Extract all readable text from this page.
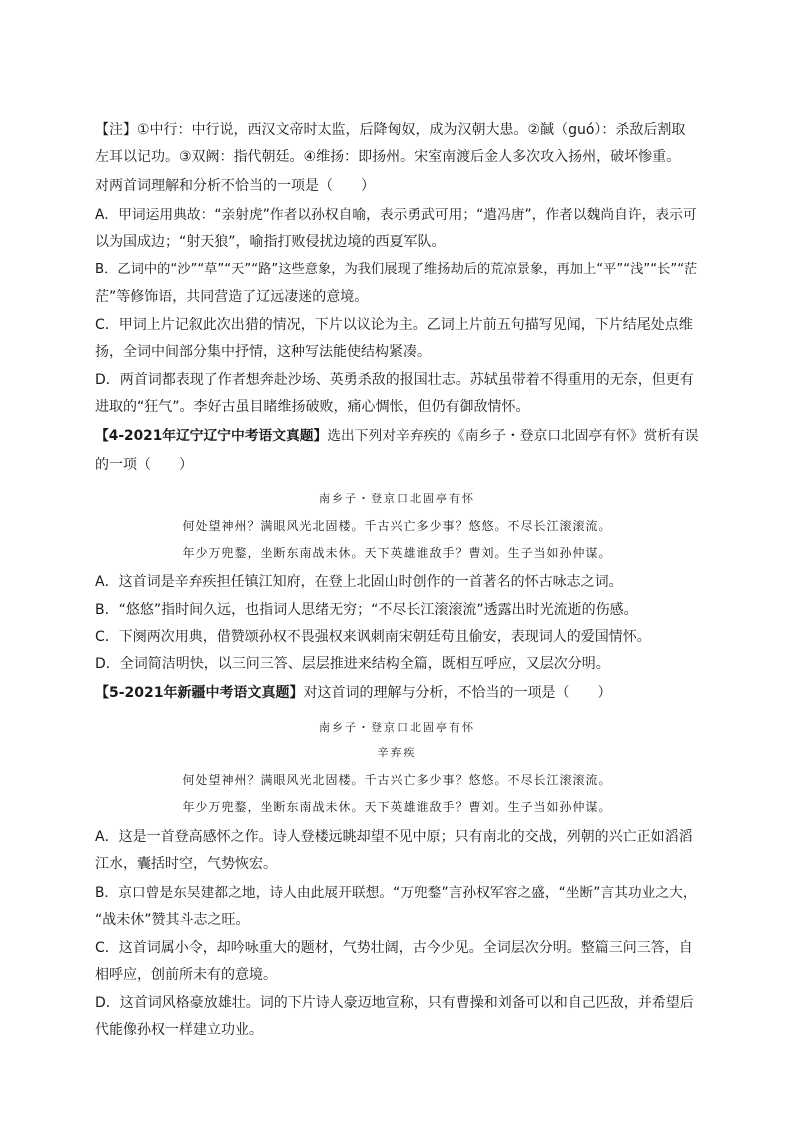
【注】①中行：中行说，西汉文帝时太监，后降匈奴，成为汉朝大患。②馘（guó）：杀敌后割取
左耳以记功。③双阙：指代朝廷。④维扬：即扬州。宋室南渡后金人多次攻入扬州，破坏惨重。
对两首词理解和分析不恰当的一项是（　　）
A．甲词运用典故：“亲射虎”作者以孙权自喻，表示勇武可用；“遣冯唐”，作者以魏尚自许，表示可
以为国成边；“射天狼”，喻指打败侵扰边境的西夏军队。
B．乙词中的“沙”“草”“天”“路”这些意象，为我们展现了维扬劫后的荒凉景象，再加上“平”“浅”“长”“茫
茫”等修饰语，共同营造了辽远凄迷的意境。
C．甲词上片记叙此次出猎的情况，下片以议论为主。乙词上片前五句描写见闻，下片结尾处点维
扬，全词中间部分集中抒情，这种写法能使结构紧凑。
D．两首词都表现了作者想奔赴沙场、英勇杀敌的报国壮志。苏轼虽带着不得重用的无奈，但更有
进取的“狂气”。李好古虽目睹维扬破败，痛心惆怅，但仍有御敌情怀。
【4-2021年辽宁辽宁中考语文真题】选出下列对辛弃疾的《南乡子・登京口北固亭有怀》赏析有误
的一项（　　）
南乡子・登京口北固亭有怀
何处望神州？满眼风光北固楼。千古兴亡多少事？悠悠。不尽长江滚滚流。
年少万兜鍪，坐断东南战未休。天下英雄谁敌手？曹刘。生子当如孙仲谋。
A．这首词是辛弃疾担任镇江知府，在登上北固山时创作的一首著名的怀古咏志之词。
B．“悠悠”指时间久远，也指词人思绪无穷；“不尽长江滚滚流”透露出时光流逝的伤感。
C．下阕两次用典，借赞颂孙权不畏强权来讽刺南宋朝廷苟且偷安，表现词人的爱国情怀。
D．全词简洁明快，以三问三答、层层推进来结构全篇，既相互呼应，又层次分明。
【5-2021年新疆中考语文真题】对这首词的理解与分析，不恰当的一项是（　　）
南乡子・登京口北固亭有怀
辛弃疾
何处望神州？满眼风光北固楼。千古兴亡多少事？悠悠。不尽长江滚滚流。
年少万兜鍪，坐断东南战未休。天下英雄谁敌手？曹刘。生子当如孙仲谋。
A．这是一首登高感怀之作。诗人登楼远眺却望不见中原；只有南北的交战，列朝的兴亡正如滔滔
江水，囊括时空，气势恢宏。
B．京口曾是东吴建都之地，诗人由此展开联想。“万兜鍪”言孙权军容之盛，“坐断”言其功业之大，
“战未休”赞其斗志之旺。
C．这首词属小令，却吟咏重大的题材，气势壮阔，古今少见。全词层次分明。整篇三问三答，自
相呼应，创前所未有的意境。
D．这首词风格豪放雄壮。词的下片诗人豪迈地宣称，只有曹操和刘备可以和自己匹敌，并希望后
代能像孙权一样建立功业。
